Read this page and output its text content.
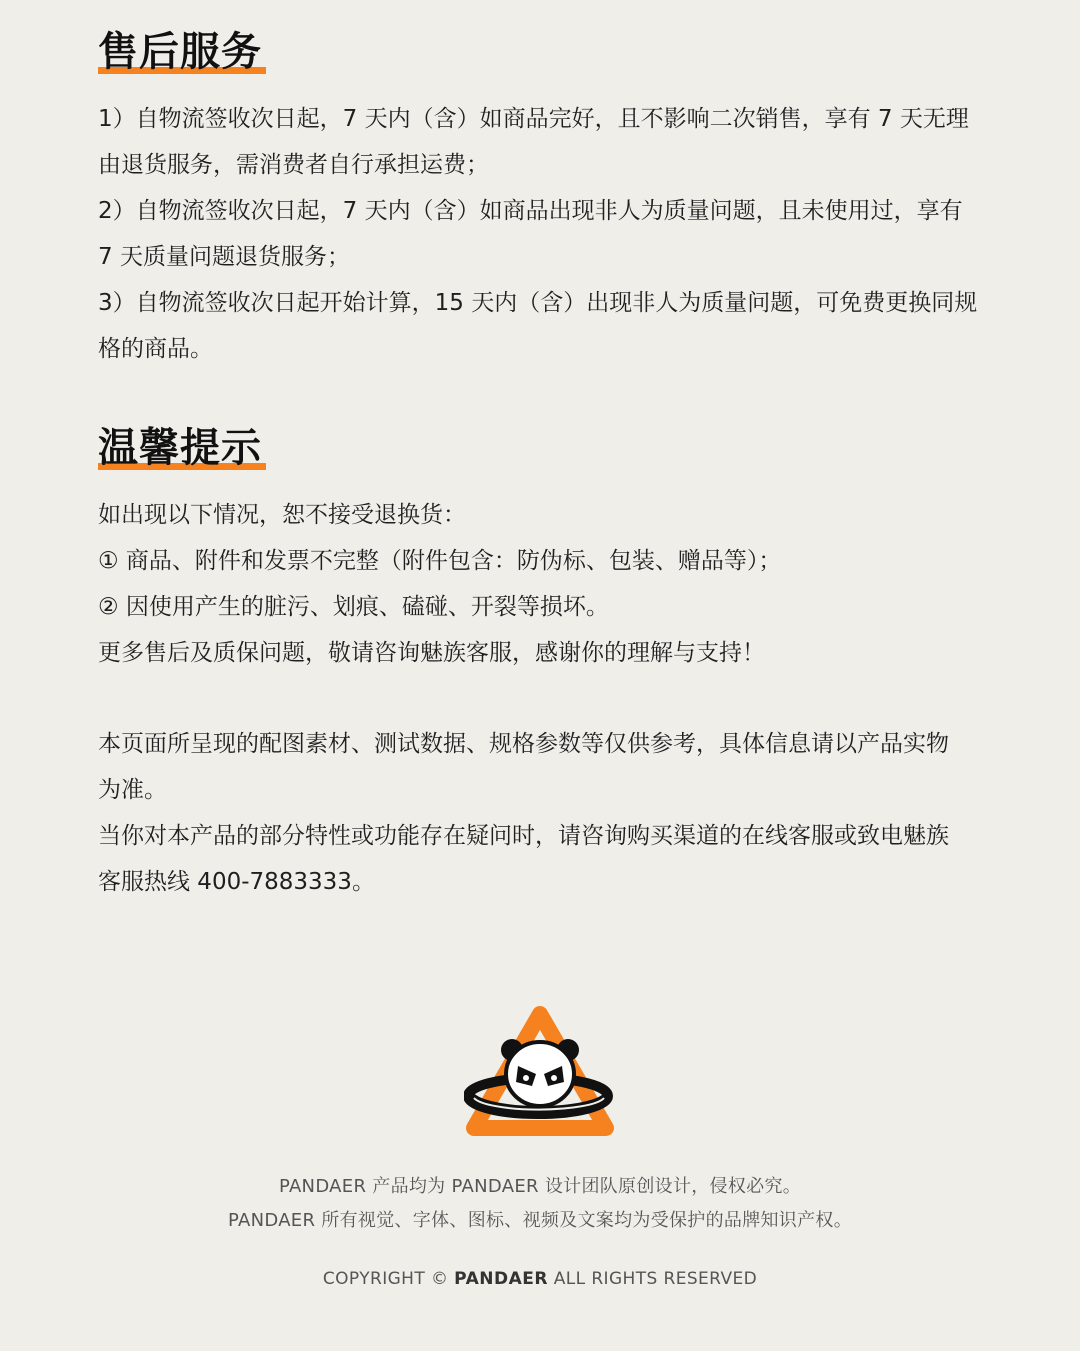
售后服务
1）自物流签收次日起，7 天内（含）如商品完好，且不影响二次销售，享有 7 天无理
由退货服务，需消费者自行承担运费；
2）自物流签收次日起，7 天内（含）如商品出现非人为质量问题，且未使用过，享有
7 天质量问题退货服务；
3）自物流签收次日起开始计算，15 天内（含）出现非人为质量问题，可免费更换同规
格的商品。
温馨提示
如出现以下情况，恕不接受退换货：
① 商品、附件和发票不完整（附件包含：防伪标、包装、赠品等）；
② 因使用产生的脏污、划痕、磕碰、开裂等损坏。
更多售后及质保问题，敬请咨询魅族客服，感谢你的理解与支持！
本页面所呈现的配图素材、测试数据、规格参数等仅供参考，具体信息请以产品实物
为准。
当你对本产品的部分特性或功能存在疑问时，请咨询购买渠道的在线客服或致电魅族
客服热线 400-7883333。
PANDAER 产品均为 PANDAER 设计团队原创设计，侵权必究。
PANDAER 所有视觉、字体、图标、视频及文案均为受保护的品牌知识产权。
COPYRIGHT © PANDAER ALL RIGHTS RESERVED
